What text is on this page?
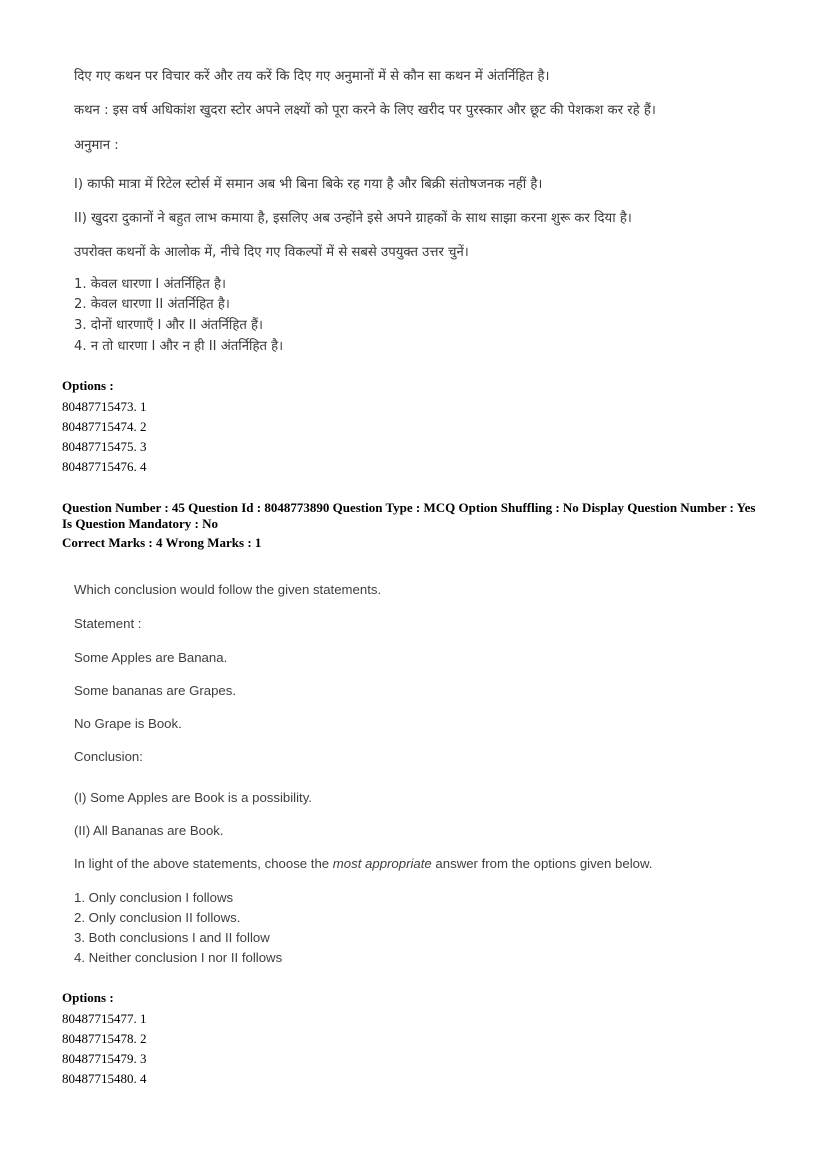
दिए गए कथन पर विचार करें और तय करें कि दिए गए अनुमानों में से कौन सा कथन में अंतर्निहित है।
कथन : इस वर्ष अधिकांश खुदरा स्टोर अपने लक्ष्यों को पूरा करने के लिए खरीद पर पुरस्कार और छूट की पेशकश कर रहे हैं।
अनुमान :
I) काफी मात्रा में रिटेल स्टोर्स में समान अब भी बिना बिके रह गया है और बिक्री संतोषजनक नहीं है।
II) खुदरा दुकानों ने बहुत लाभ कमाया है, इसलिए अब उन्होंने इसे अपने ग्राहकों के साथ साझा करना शुरू कर दिया है।
उपरोक्त कथनों के आलोक में, नीचे दिए गए विकल्पों में से सबसे उपयुक्त उत्तर चुनें।
1. केवल धारणा I अंतर्निहित है।
2. केवल धारणा II अंतर्निहित है।
3. दोनों धारणाएँ I और II अंतर्निहित हैं।
4. न तो धारणा I और न ही II अंतर्निहित है।
Options :
80487715473. 1
80487715474. 2
80487715475. 3
80487715476. 4
Question Number : 45 Question Id : 8048773890 Question Type : MCQ Option Shuffling : No Display Question Number : Yes
Is Question Mandatory : No
Correct Marks : 4 Wrong Marks : 1
Which conclusion would follow the given statements.
Statement :
Some Apples are Banana.
Some bananas are Grapes.
No Grape is Book.
Conclusion:
(I) Some Apples are Book is a possibility.
(II) All Bananas are Book.
In light of the above statements, choose the most appropriate answer from the options given below.
1. Only conclusion I follows
2. Only conclusion II follows.
3. Both conclusions I and II follow
4. Neither conclusion I nor II follows
Options :
80487715477. 1
80487715478. 2
80487715479. 3
80487715480. 4
